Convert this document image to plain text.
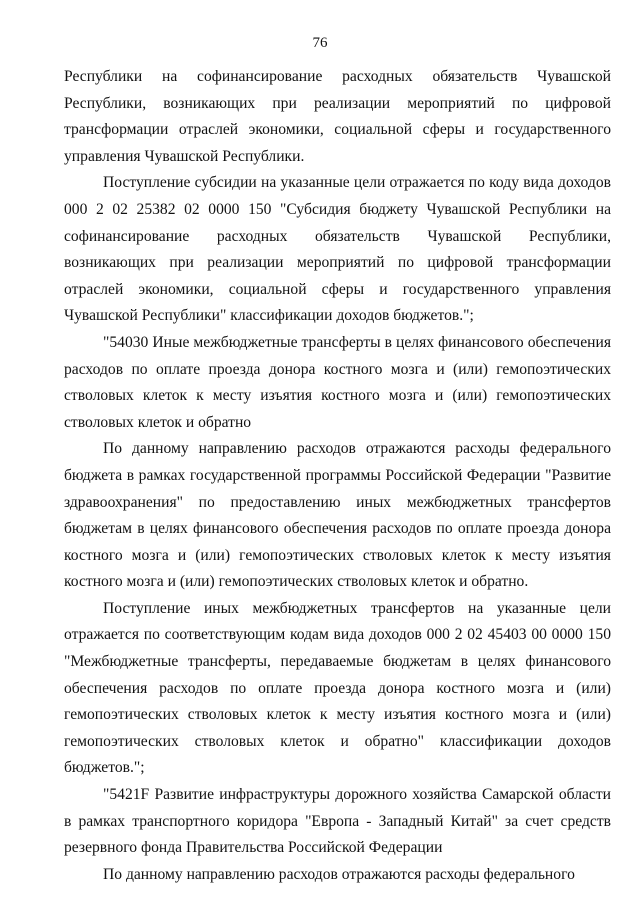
76

Республики на софинансирование расходных обязательств Чувашской Республики, возникающих при реализации мероприятий по цифровой трансформации отраслей экономики, социальной сферы и государственного управления Чувашской Республики.

Поступление субсидии на указанные цели отражается по коду вида доходов 000 2 02 25382 02 0000 150 "Субсидия бюджету Чувашской Республики на софинансирование расходных обязательств Чувашской Республики, возникающих при реализации мероприятий по цифровой трансформации отраслей экономики, социальной сферы и государственного управления Чувашской Республики" классификации доходов бюджетов.";

"54030 Иные межбюджетные трансферты в целях финансового обеспечения расходов по оплате проезда донора костного мозга и (или) гемопоэтических стволовых клеток к месту изъятия костного мозга и (или) гемопоэтических стволовых клеток и обратно

По данному направлению расходов отражаются расходы федерального бюджета в рамках государственной программы Российской Федерации "Развитие здравоохранения" по предоставлению иных межбюджетных трансфертов бюджетам в целях финансового обеспечения расходов по оплате проезда донора костного мозга и (или) гемопоэтических стволовых клеток к месту изъятия костного мозга и (или) гемопоэтических стволовых клеток и обратно.

Поступление иных межбюджетных трансфертов на указанные цели отражается по соответствующим кодам вида доходов 000 2 02 45403 00 0000 150 "Межбюджетные трансферты, передаваемые бюджетам в целях финансового обеспечения расходов по оплате проезда донора костного мозга и (или) гемопоэтических стволовых клеток к месту изъятия костного мозга и (или) гемопоэтических стволовых клеток и обратно" классификации доходов бюджетов.";

"5421F Развитие инфраструктуры дорожного хозяйства Самарской области в рамках транспортного коридора "Европа - Западный Китай" за счет средств резервного фонда Правительства Российской Федерации

По данному направлению расходов отражаются расходы федерального
